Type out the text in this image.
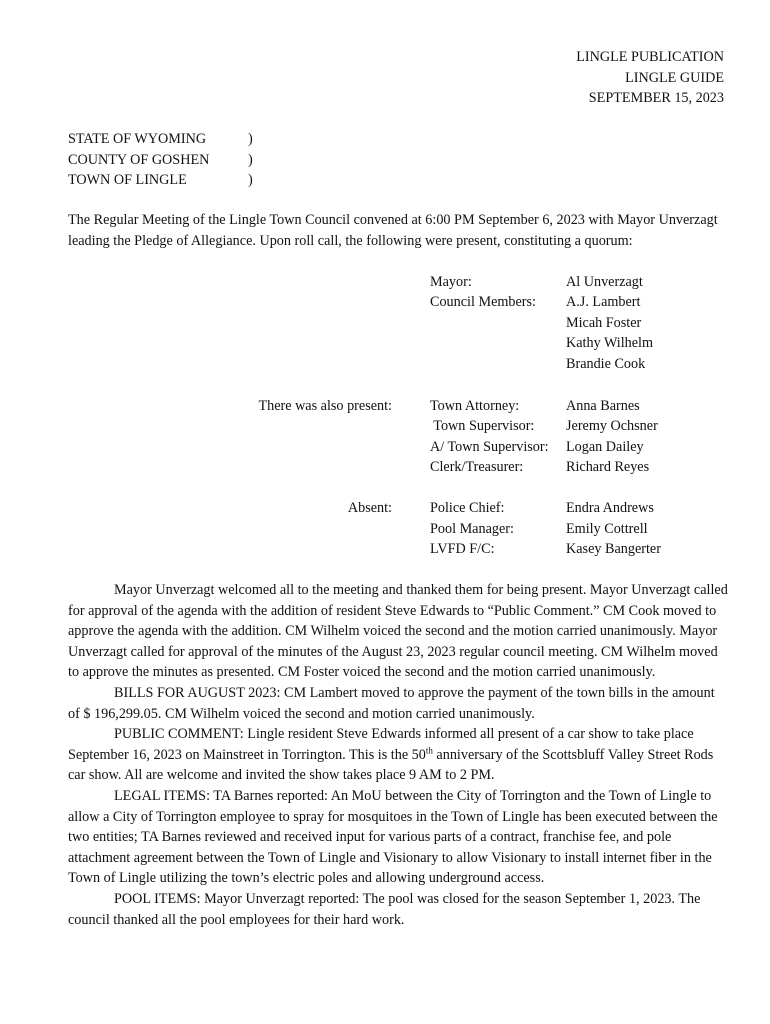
LINGLE PUBLICATION
LINGLE GUIDE
SEPTEMBER 15, 2023
STATE OF WYOMING	)
COUNTY OF GOSHEN	)
TOWN OF LINGLE	)

The Regular Meeting of the Lingle Town Council convened at 6:00 PM September 6, 2023 with Mayor Unverzagt leading the Pledge of Allegiance. Upon roll call, the following were present, constituting a quorum:

Mayor:	Al Unverzagt
Council Members: A.J. Lambert
Micah Foster
Kathy Wilhelm
Brandie Cook
There was also present:	Town Attorney:	Anna Barnes
Town Supervisor: Jeremy Ochsner
A/ Town Supervisor: Logan Dailey
Clerk/Treasurer:	Richard Reyes
Absent:	Police Chief:	Endra Andrews
Pool Manager:	Emily Cottrell
LVFD F/C:	Kasey Bangerter

Mayor Unverzagt welcomed all to the meeting and thanked them for being present. Mayor Unverzagt called for approval of the agenda with the addition of resident Steve Edwards to “Public Comment.” CM Cook moved to approve the agenda with the addition. CM Wilhelm voiced the second and the motion carried unanimously. Mayor Unverzagt called for approval of the minutes of the August 23, 2023 regular council meeting. CM Wilhelm moved to approve the minutes as presented. CM Foster voiced the second and the motion carried unanimously.

BILLS FOR AUGUST 2023: CM Lambert moved to approve the payment of the town bills in the amount of $ 196,299.05. CM Wilhelm voiced the second and motion carried unanimously.

PUBLIC COMMENT: Lingle resident Steve Edwards informed all present of a car show to take place September 16, 2023 on Mainstreet in Torrington. This is the 50th anniversary of the Scottsbluff Valley Street Rods car show. All are welcome and invited the show takes place 9 AM to 2 PM.

LEGAL ITEMS: TA Barnes reported: An MoU between the City of Torrington and the Town of Lingle to allow a City of Torrington employee to spray for mosquitoes in the Town of Lingle has been executed between the two entities; TA Barnes reviewed and received input for various parts of a contract, franchise fee, and pole attachment agreement between the Town of Lingle and Visionary to allow Visionary to install internet fiber in the Town of Lingle utilizing the town’s electric poles and allowing underground access.

POOL ITEMS: Mayor Unverzagt reported: The pool was closed for the season September 1, 2023. The council thanked all the pool employees for their hard work.
